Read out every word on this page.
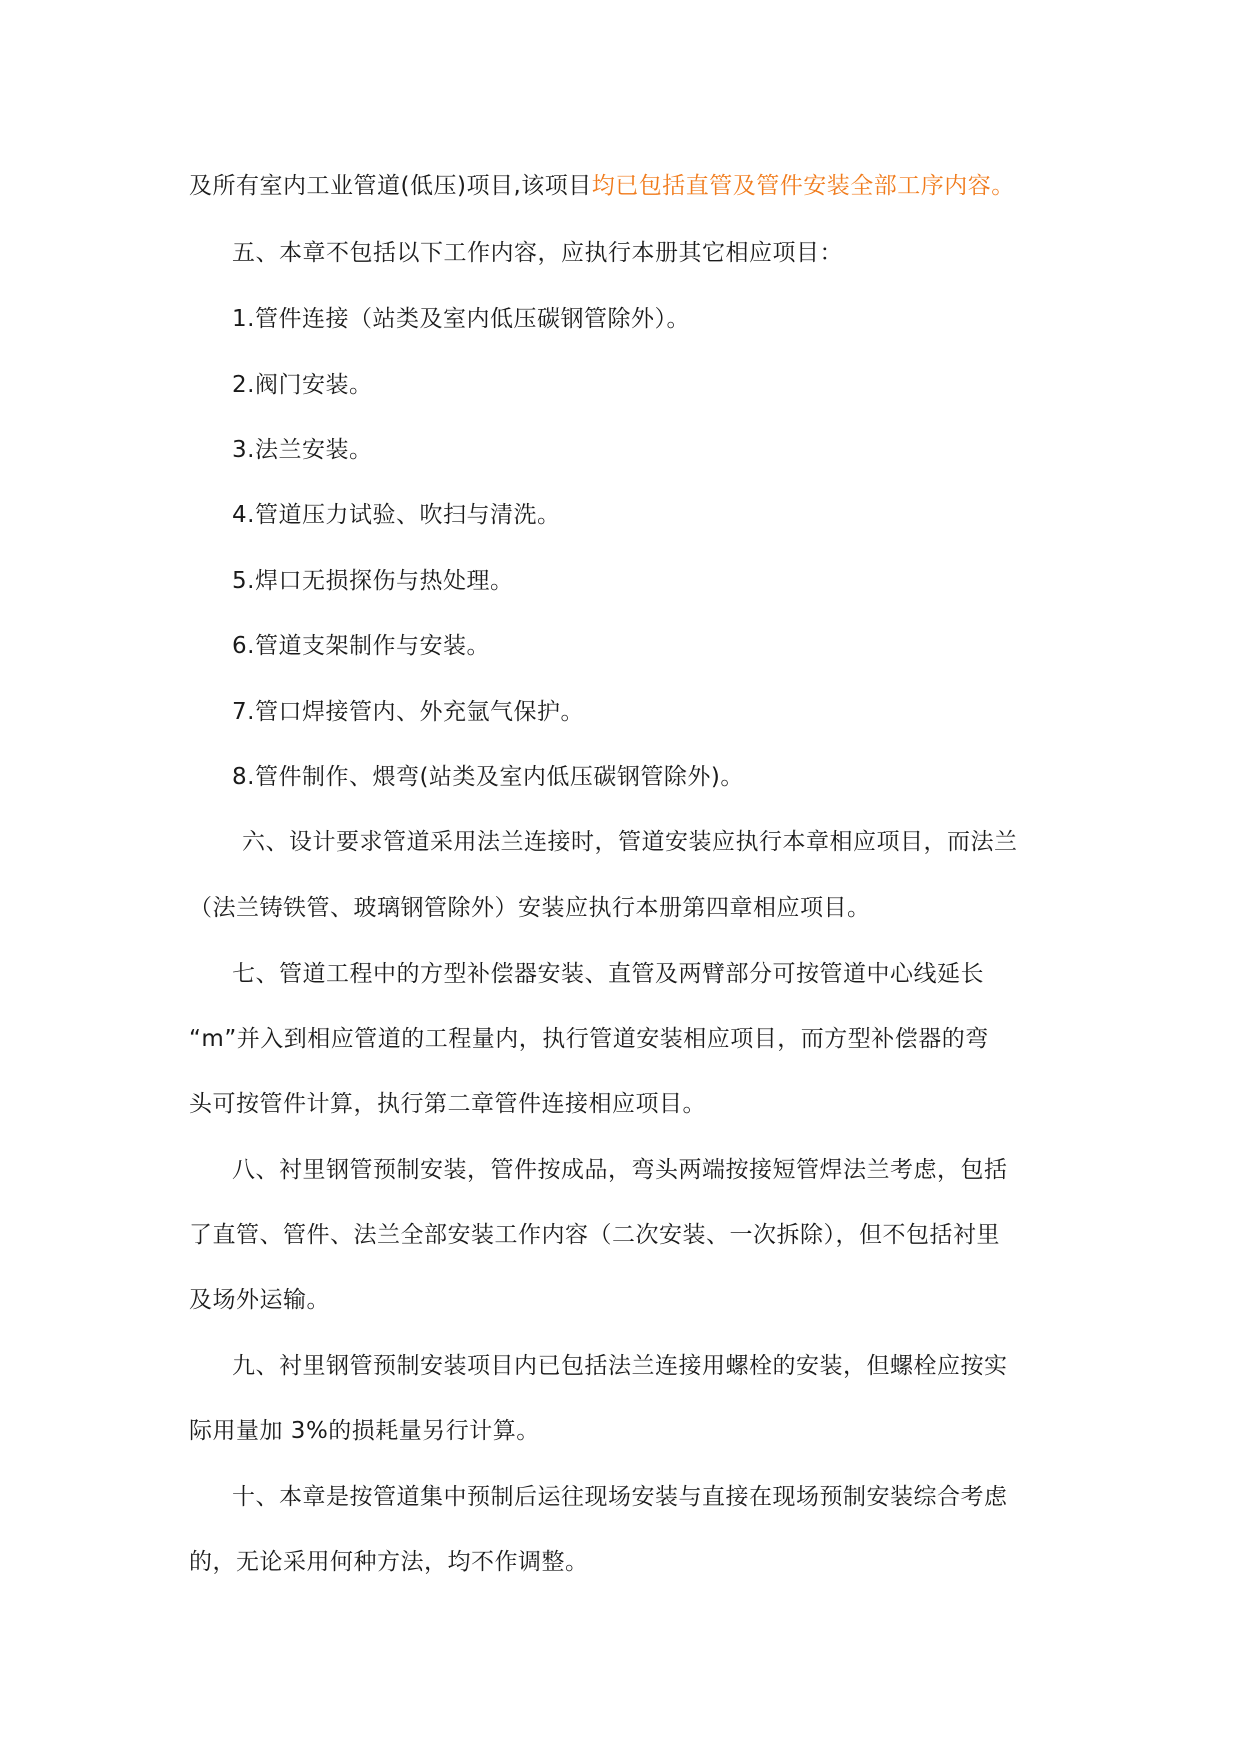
及所有室内工业管道(低压)项目,该项目均已包括直管及管件安装全部工序内容。
五、本章不包括以下工作内容，应执行本册其它相应项目：
1.管件连接（站类及室内低压碳钢管除外）。
2.阀门安装。
3.法兰安装。
4.管道压力试验、吹扫与清洗。
5.焊口无损探伤与热处理。
6.管道支架制作与安装。
7.管口焊接管内、外充氩气保护。
8.管件制作、煨弯(站类及室内低压碳钢管除外)。
六、设计要求管道采用法兰连接时，管道安装应执行本章相应项目，而法兰
（法兰铸铁管、玻璃钢管除外）安装应执行本册第四章相应项目。
七、管道工程中的方型补偿器安装、直管及两臂部分可按管道中心线延长
“m”并入到相应管道的工程量内，执行管道安装相应项目，而方型补偿器的弯
头可按管件计算，执行第二章管件连接相应项目。
八、衬里钢管预制安装，管件按成品，弯头两端按接短管焊法兰考虑，包括
了直管、管件、法兰全部安装工作内容（二次安装、一次拆除），但不包括衬里
及场外运输。
九、衬里钢管预制安装项目内已包括法兰连接用螺栓的安装，但螺栓应按实
际用量加 3%的损耗量另行计算。
十、本章是按管道集中预制后运往现场安装与直接在现场预制安装综合考虑
的，无论采用何种方法，均不作调整。
